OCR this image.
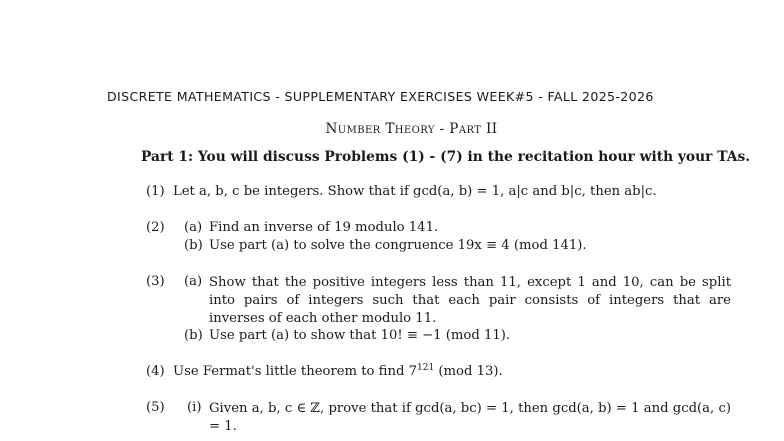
DISCRETE MATHEMATICS - SUPPLEMENTARY EXERCISES WEEK#5 - FALL 2025-2026
Number Theory - Part II
Part 1: You will discuss Problems (1) - (7) in the recitation hour with your TAs.
(1) Let a, b, c be integers. Show that if gcd(a, b) = 1, a|c and b|c, then ab|c.
(2) (a) Find an inverse of 19 modulo 141.
(b) Use part (a) to solve the congruence 19x ≡ 4 (mod 141).
(3) (a) Show that the positive integers less than 11, except 1 and 10, can be split into pairs of integers such that each pair consists of integers that are inverses of each other modulo 11.
(b) Use part (a) to show that 10! ≡ −1 (mod 11).
(4) Use Fermat's little theorem to find $7^{121}$ (mod 13).
(5) (i) Given a, b, c ∈ ℤ, prove that if gcd(a, bc) = 1, then gcd(a, b) = 1 and gcd(a, c) = 1.
